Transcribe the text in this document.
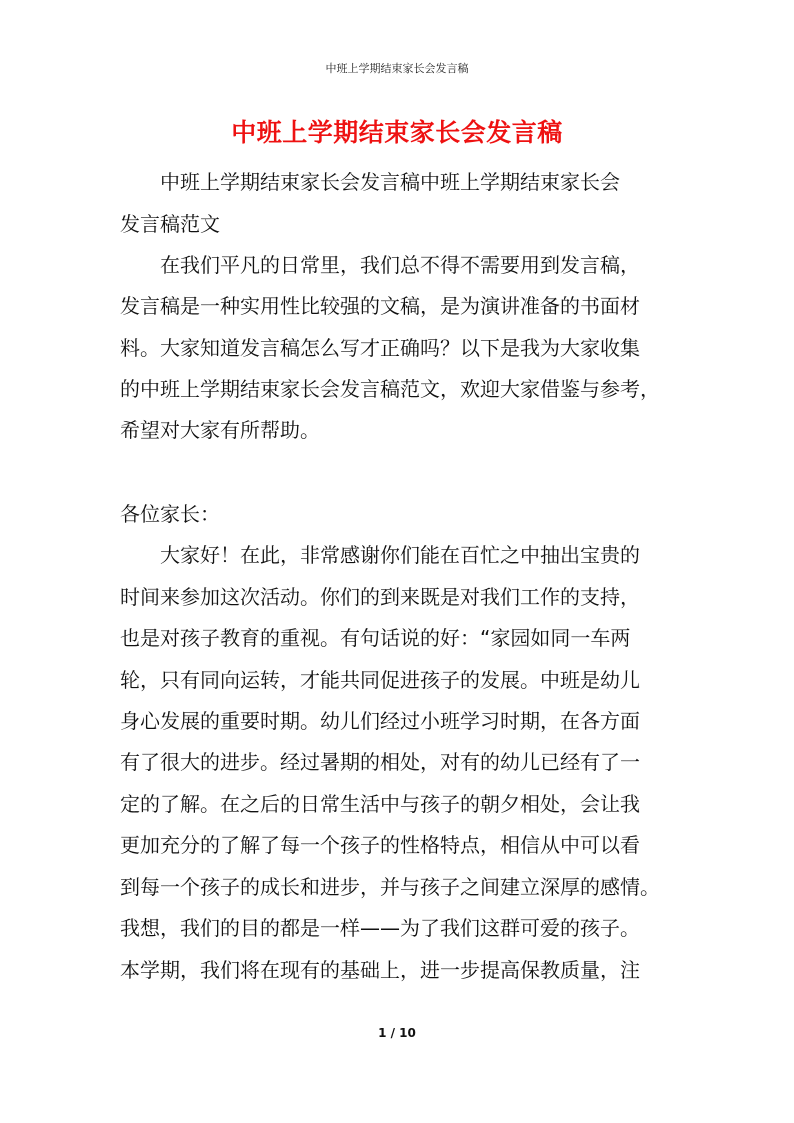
中班上学期结束家长会发言稿
中班上学期结束家长会发言稿
　　中班上学期结束家长会发言稿中班上学期结束家长会
发言稿范文
　　在我们平凡的日常里，我们总不得不需要用到发言稿，
发言稿是一种实用性比较强的文稿，是为演讲准备的书面材
料。大家知道发言稿怎么写才正确吗？以下是我为大家收集
的中班上学期结束家长会发言稿范文，欢迎大家借鉴与参考，
希望对大家有所帮助。
各位家长：
　　大家好！在此，非常感谢你们能在百忙之中抽出宝贵的
时间来参加这次活动。你们的到来既是对我们工作的支持，
也是对孩子教育的重视。有句话说的好：“家园如同一车两
轮，只有同向运转，才能共同促进孩子的发展。中班是幼儿
身心发展的重要时期。幼儿们经过小班学习时期，在各方面
有了很大的进步。经过暑期的相处，对有的幼儿已经有了一
定的了解。在之后的日常生活中与孩子的朝夕相处，会让我
更加充分的了解了每一个孩子的性格特点，相信从中可以看
到每一个孩子的成长和进步，并与孩子之间建立深厚的感情。
我想，我们的目的都是一样——为了我们这群可爱的孩子。
本学期，我们将在现有的基础上，进一步提高保教质量，注
1 / 10
